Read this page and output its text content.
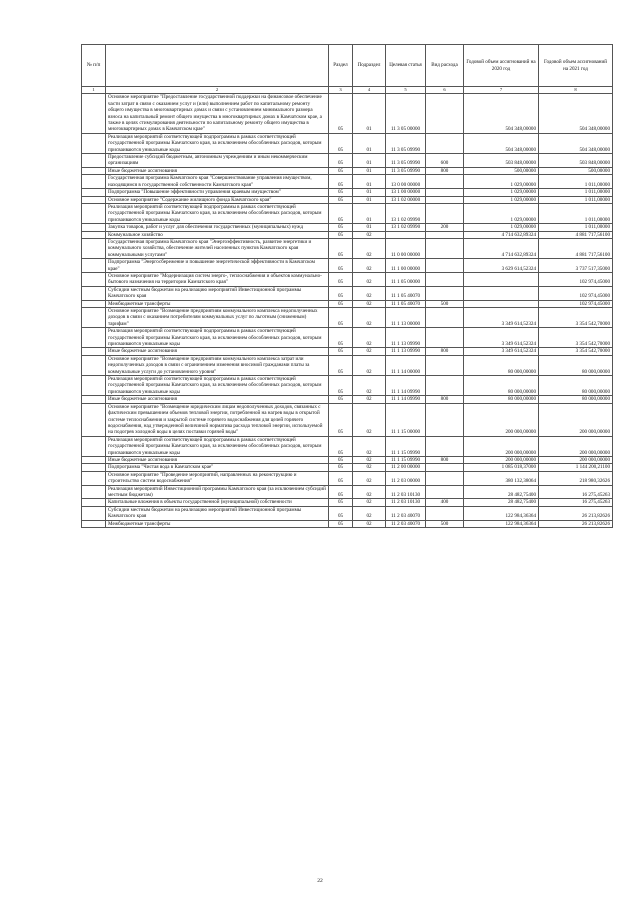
№ п/п		Раздел	Подраздел	Целевая статья	Вид расхода	Годовой объем ассигнований на 2020 год	Годовой объем ассигнований на 2021 год
1	2	3	4	5	6	7	8
	Основное мероприятие "Предоставление государственной поддержки на финансовое обеспечение части затрат в связи с оказанием услуг и (или) выполнением работ по капитальному ремонту общего имущества в многоквартирных домах и связи с установлением минимального размера взноса на капитальный ремонт общего имущества в многоквартирных домах в Камчатском крае, а также в целях стимулирования деятельности по капитальному ремонту общего имущества в многоквартирных домах в Камчатском крае"	05	01	11 3 05 00000		504 348,00000	504 348,00000
	Реализация мероприятий соответствующей подпрограммы в рамках соответствующей государственной программы Камчатского края, за исключением обособленных расходов, которым присваиваются уникальные коды	05	01	11 3 05 09990		504 348,00000	504 348,00000
	Предоставление субсидий бюджетным, автономным учреждениям и иным некоммерческим организациям	05	01	11 3 05 09990	600	503 848,00000	503 848,00000
	Иные бюджетные ассигнования	05	01	11 3 05 09990	800	500,00000	500,00000
	Государственная программа Камчатского края "Совершенствование управления имуществом, находящимся в государственной собственности Камчатского края"	05	01	13 0 00 00000		1 029,00000	1 011,00000
	Подпрограмма "Повышение эффективности управления краевым имуществом"	05	01	13 1 00 00000		1 029,00000	1 011,00000
	Основное мероприятие "Содержание жилищного фонда Камчатского края"	05	01	13 1 02 00000		1 029,00000	1 011,00000
	Реализация мероприятий соответствующей подпрограммы в рамках соответствующей государственной программы Камчатского края, за исключением обособленных расходов, которым присваиваются уникальные коды	05	01	13 1 02 09990		1 029,00000	1 011,00000
	Закупка товаров, работ и услуг для обеспечения государственных (муниципальных) нужд	05	01	13 1 02 09990	200	1 029,00000	1 011,00000
	Коммунальное хозяйство	05	02			4 714 632,89324	4 881 717,56100
	Государственная программа Камчатского края "Энергоэффективность, развитие энергетики и коммунального хозяйства, обеспечение жителей населенных пунктов Камчатского края коммунальными услугами"	05	02	11 0 00 00000		4 714 632,89324	4 881 717,56100
	Подпрограмма "Энергосбережение и повышение энергетической эффективности в Камчатском крае"	05	02	11 1 00 00000		3 629 614,52324	3 737 517,35000
	Основное мероприятие "Модернизация систем энерго-, теплоснабжения и объектов коммунально-бытового назначения на территории Камчатского края"	05	02	11 1 05 00000			102 974,45000
	Субсидии местным бюджетам на реализацию мероприятий Инвестиционной программы Камчатского края	05	02	11 1 05 40070			102 974,45000
	Межбюджетные трансферты	05	02	11 1 05 40070	500		102 974,45000
	Основное мероприятие "Возмещение предприятиям коммунального комплекса недополученных доходов в связи с оказанием потребителям коммунальных услуг по льготным (сниженным) тарифам"	05	02	11 1 13 00000		3 349 614,52324	3 354 542,70000
	Реализация мероприятий соответствующей подпрограммы в рамках соответствующей государственной программы Камчатского края, за исключением обособленных расходов, которым присваиваются уникальные коды	05	02	11 1 13 09990		3 349 614,52324	3 354 542,70000
	Иные бюджетные ассигнования	05	02	11 1 13 09990	800	3 349 614,52324	3 354 542,70000
	Основное мероприятие "Возмещение предприятиям коммунального комплекса затрат или недополученных доходов в связи с ограничением изменения вносимой гражданами платы за коммунальные услуги до установленного уровня"	05	02	11 1 14 00000		80 000,00000	80 000,00000
	Реализация мероприятий соответствующей подпрограммы в рамках соответствующей государственной программы Камчатского края, за исключением обособленных расходов, которым присваиваются уникальные коды	05	02	11 1 14 09990		80 000,00000	80 000,00000
	Иные бюджетные ассигнования	05	02	11 1 14 09990	800	80 000,00000	80 000,00000
	Основное мероприятие "Возмещение юридическим лицам недополученных доходов, связанных с фактическим превышением объемов тепловой энергии, потребленной на нагрев воды в открытой системе теплоснабжения и закрытой системе горячего водоснабжения для целей горячего водоснабжения, над утвержденной величиной норматива расхода тепловой энергии, используемой на подогрев холодной воды в целях поставки горячей воды"	05	02	11 1 15 00000		200 000,00000	200 000,00000
	Реализация мероприятий соответствующей подпрограммы в рамках соответствующей государственной программы Камчатского края, за исключением обособленных расходов, которым присваиваются уникальные коды	05	02	11 1 15 09990		200 000,00000	200 000,00000
	Иные бюджетные ассигнования	05	02	11 1 15 09990	800	200 000,00000	200 000,00000
	Подпрограмма "Чистая вода в Камчатском крае"	05	02	11 2 00 00000		1 085 018,37000	1 144 200,21100
	Основное мероприятие "Проведение мероприятий, направленных на реконструкцию и строительство систем водоснабжения"	05	02	11 2 03 00000		380 132,38064	218 980,32626
	Реализация мероприятий Инвестиционной программы Камчатского края (за исключением субсидий местным бюджетам)	05	02	11 2 03 10130		28 482,75400	16 275,45263
	Капитальные вложения в объекты государственной (муниципальной) собственности	05	02	11 2 03 10130	400	28 482,75400	16 275,45263
	Субсидии местным бюджетам на реализацию мероприятий Инвестиционной программы Камчатского края	05	02	11 2 03 40070		122 984,36364	26 213,82626
	Межбюджетные трансферты	05	02	11 2 03 40070	500	122 984,36364	26 213,82626
22
